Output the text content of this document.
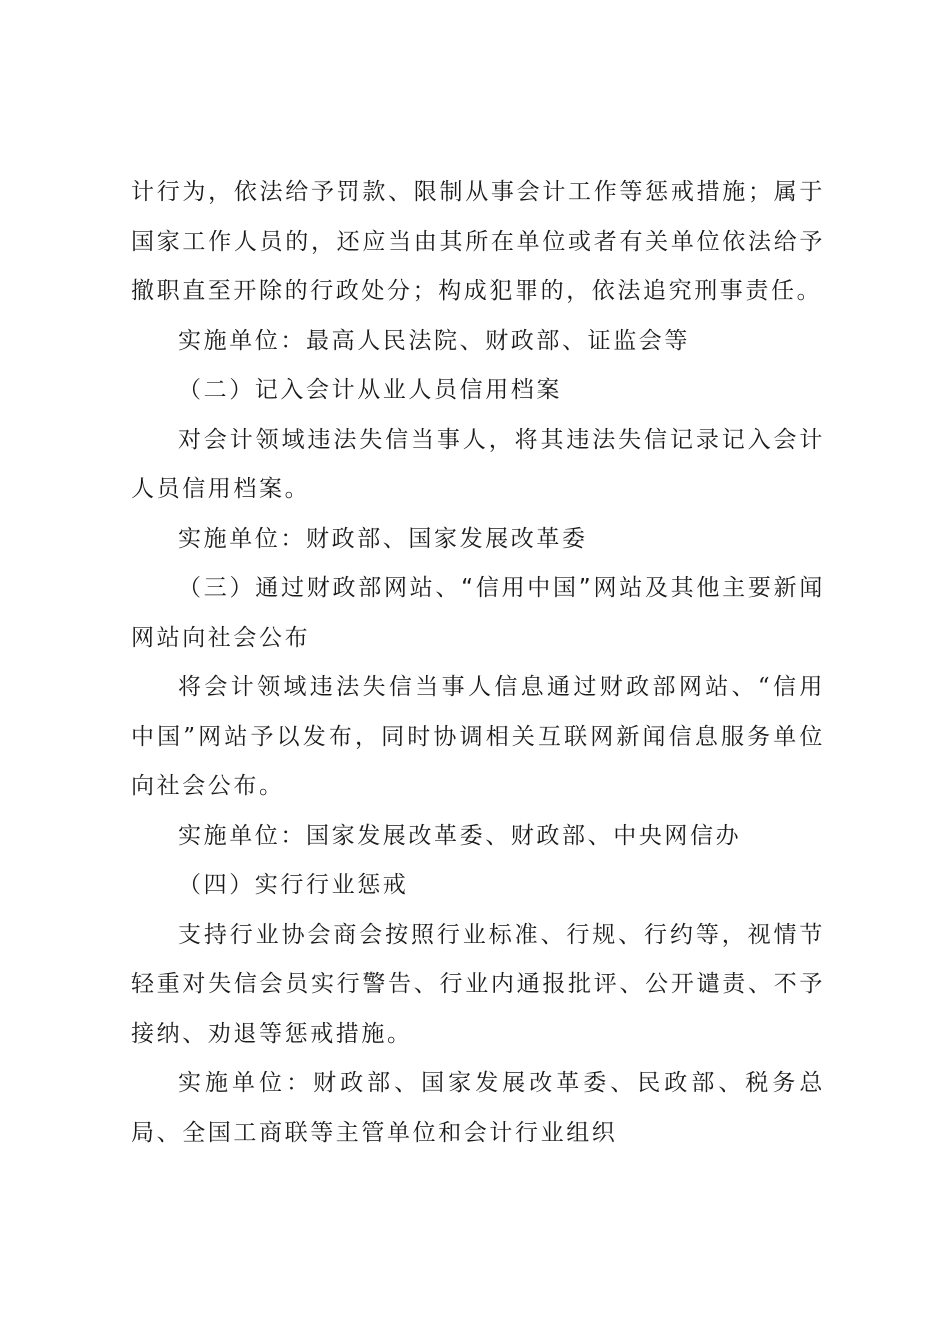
计行为，依法给予罚款、限制从事会计工作等惩戒措施；属于国家工作人员的，还应当由其所在单位或者有关单位依法给予撤职直至开除的行政处分；构成犯罪的，依法追究刑事责任。

实施单位：最高人民法院、财政部、证监会等

（二）记入会计从业人员信用档案

对会计领域违法失信当事人，将其违法失信记录记入会计人员信用档案。

实施单位：财政部、国家发展改革委

（三）通过财政部网站、“信用中国”网站及其他主要新闻网站向社会公布

将会计领域违法失信当事人信息通过财政部网站、“信用中国”网站予以发布，同时协调相关互联网新闻信息服务单位向社会公布。

实施单位：国家发展改革委、财政部、中央网信办

（四）实行行业惩戒

支持行业协会商会按照行业标准、行规、行约等，视情节轻重对失信会员实行警告、行业内通报批评、公开谴责、不予接纳、劝退等惩戒措施。

实施单位：财政部、国家发展改革委、民政部、税务总局、全国工商联等主管单位和会计行业组织
